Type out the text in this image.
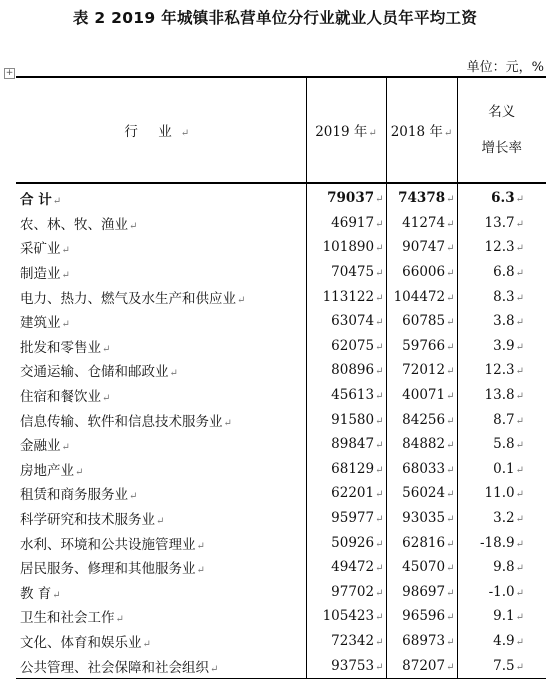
表 2 2019 年城镇非私营单位分行业就业人员年平均工资
单位：元，%
+
行 业↵	2019 年↵	2018 年↵	名义
增长率

合 计↵	79037↵	74378↵	6.3↵
农、林、牧、渔业↵	46917↵	41274↵	13.7↵
采矿业↵	101890↵	90747↵	12.3↵
制造业↵	70475↵	66006↵	6.8↵
电力、热力、燃气及水生产和供应业↵	113122↵	104472↵	8.3↵
建筑业↵	63074↵	60785↵	3.8↵
批发和零售业↵	62075↵	59766↵	3.9↵
交通运输、仓储和邮政业↵	80896↵	72012↵	12.3↵
住宿和餐饮业↵	45613↵	40071↵	13.8↵
信息传输、软件和信息技术服务业↵	91580↵	84256↵	8.7↵
金融业↵	89847↵	84882↵	5.8↵
房地产业↵	68129↵	68033↵	0.1↵
租赁和商务服务业↵	62201↵	56024↵	11.0↵
科学研究和技术服务业↵	95977↵	93035↵	3.2↵
水利、环境和公共设施管理业↵	50926↵	62816↵	-18.9↵
居民服务、修理和其他服务业↵	49472↵	45070↵	9.8↵
教 育↵	97702↵	98697↵	-1.0↵
卫生和社会工作↵	105423↵	96596↵	9.1↵
文化、体育和娱乐业↵	72342↵	68973↵	4.9↵
公共管理、社会保障和社会组织↵	93753↵	87207↵	7.5↵
